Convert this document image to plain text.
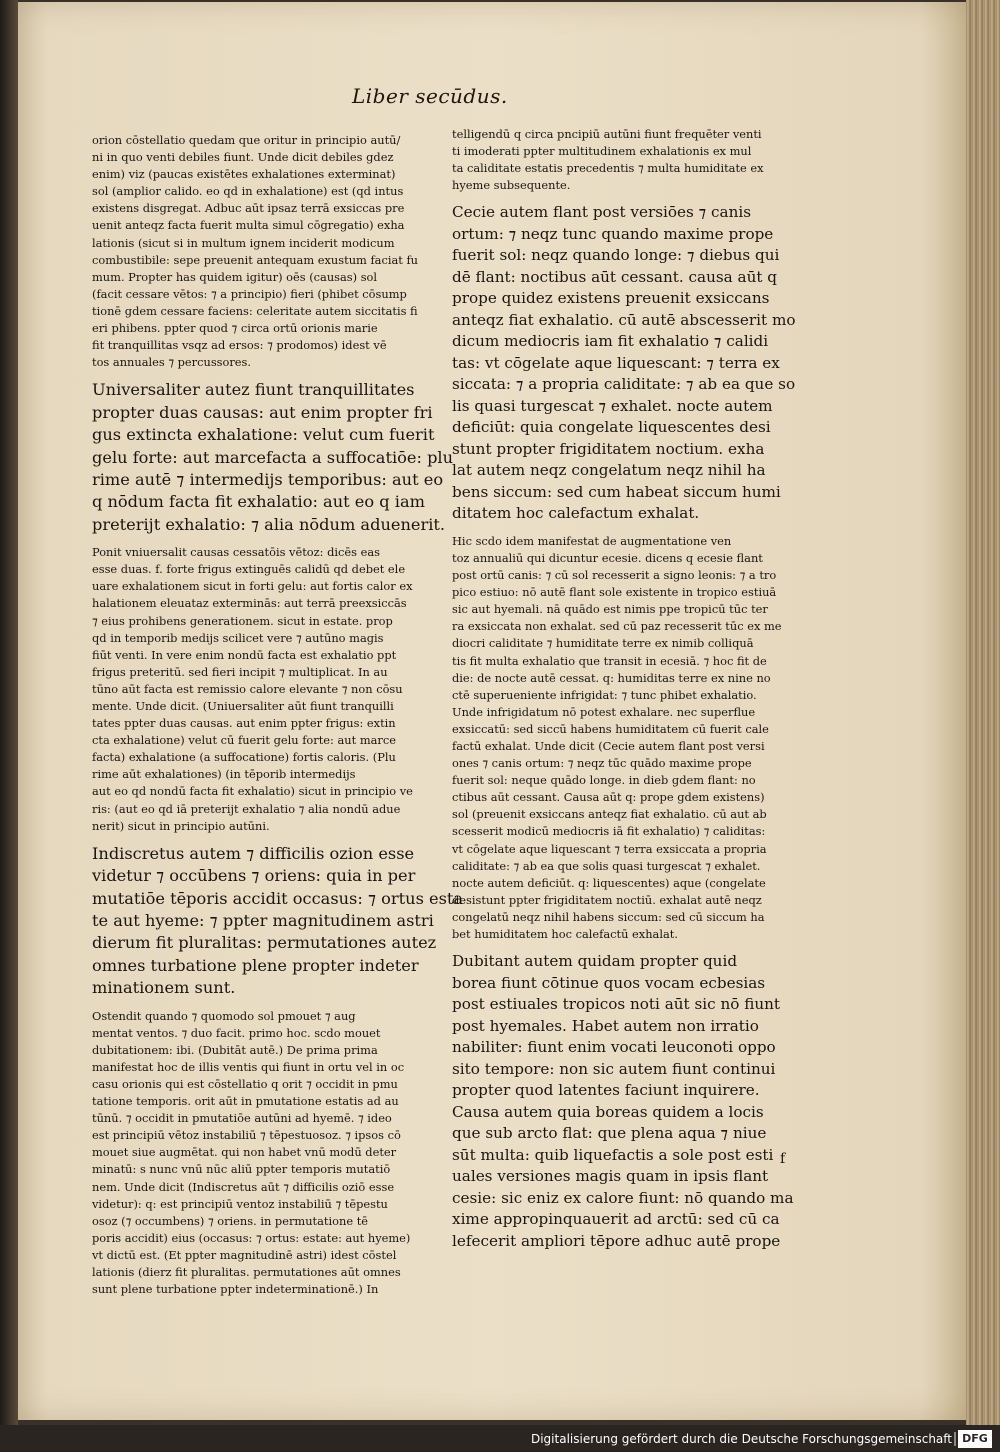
Liber secūdus.
orion cōstellatio quedam que oritur in principio autū/
ni in quo venti debiles fiunt. Unde dicit debiles gdez
enim) viz (paucas existētes exhalationes exterminat)
sol (amplior calido. eo qd in exhalatione) est (qd intus
existens disgregat. Adbuc aūt ipsaz terrā exsiccas pre
uenit anteqz facta fuerit multa simul cōgregatio) exha
lationis (sicut si in multum ignem inciderit modicum
combustibile: sepe preuenit antequam exustum faciat fu
mum. Propter has quidem igitur) oēs (causas) sol
(facit cessare vētos: ⁊ a principio) fieri (phibet cōsump
tionē gdem cessare faciens: celeritate autem siccitatis fi
eri phibens. ppter quod ⁊ circa ortū orionis marie
fit tranquillitas vsqz ad ersos: ⁊ prodomos) idest vē
tos annuales ⁊ percussores.
Universaliter autez fiunt tranquillitates
propter duas causas: aut enim propter fri
gus extincta exhalatione: velut cum fuerit
gelu forte: aut marcefacta a suffocatiōe: plu
rime autē ⁊ intermedijs temporibus: aut eo
q nōdum facta fit exhalatio: aut eo q iam
preterijt exhalatio: ⁊ alia nōdum aduenerit.
Ponit vniuersalit causas cessatōis vētoz: dicēs eas
esse duas. f. forte frigus extinguēs calidū qd debet ele
uare exhalationem sicut in forti gelu: aut fortis calor ex
halationem eleuataz exterminās: aut terrā preexsiccās
⁊ eius prohibens generationem. sicut in estate. prop
qd in temporib medijs scilicet vere ⁊ autūno magis
fiūt venti. In vere enim nondū facta est exhalatio ppt
frigus preteritū. sed fieri incipit ⁊ multiplicat. In au
tūno aūt facta est remissio calore elevante ⁊ non cōsu
mente. Unde dicit. (Uniuersaliter aūt fiunt tranquilli
tates ppter duas causas. aut enim ppter frigus: extin
cta exhalatione) velut cū fuerit gelu forte: aut marce
facta) exhalatione (a suffocatione) fortis caloris. (Plu
rime aūt exhalationes) (in tēporib intermedijs
aut eo qd nondū facta fit exhalatio) sicut in principio ve
ris: (aut eo qd iā preterijt exhalatio ⁊ alia nondū adue
nerit) sicut in principio autūni.
Indiscretus autem ⁊ difficilis ozion esse
videtur ⁊ occūbens ⁊ oriens: quia in per
mutatiōe tēporis accidit occasus: ⁊ ortus esta
te aut hyeme: ⁊ ppter magnitudinem astri
dierum fit pluralitas: permutationes autez
omnes turbatione plene propter indeter
minationem sunt.
Ostendit quando ⁊ quomodo sol pmouet ⁊ aug
mentat ventos. ⁊ duo facit. primo hoc. scdo mouet
dubitationem: ibi. (Dubitāt autē.) De prima prima
manifestat hoc de illis ventis qui fiunt in ortu vel in oc
casu orionis qui est cōstellatio q orit ⁊ occidit in pmu
tatione temporis. orit aūt in pmutatione estatis ad au
tūnū. ⁊ occidit in pmutatiōe autūni ad hyemē. ⁊ ideo
est principiū vētoz instabiliū ⁊ tēpestuosoz. ⁊ ipsos cō
mouet siue augmētat. qui non habet vnū modū deter
minatū: s nunc vnū nūc aliū ppter temporis mutatiō
nem. Unde dicit (Indiscretus aūt ⁊ difficilis oziō esse
videtur): q: est principiū ventoz instabiliū ⁊ tēpestu
osoz (⁊ occumbens) ⁊ oriens. in permutatione tē
poris accidit) eius (occasus: ⁊ ortus: estate: aut hyeme)
vt dictū est. (Et ppter magnitudinē astri) idest cōstel
lationis (dierz fit pluralitas. permutationes aūt omnes
sunt plene turbatione ppter indeterminationē.) In
telligendū q circa pncipiū autūni fiunt frequēter venti
ti imoderati ppter multitudinem exhalationis ex mul
ta caliditate estatis precedentis ⁊ multa humiditate ex
hyeme subsequente.
Cecie autem flant post versiōes ⁊ canis
ortum: ⁊ neqz tunc quando maxime prope
fuerit sol: neqz quando longe: ⁊ diebus qui
dē flant: noctibus aūt cessant. causa aūt q
prope quidez existens preuenit exsiccans
anteqz fiat exhalatio. cū autē abscesserit mo
dicum mediocris iam fit exhalatio ⁊ calidi
tas: vt cōgelate aque liquescant: ⁊ terra ex
siccata: ⁊ a propria caliditate: ⁊ ab ea que so
lis quasi turgescat ⁊ exhalet. nocte autem
deficiūt: quia congelate liquescentes desi
stunt propter frigiditatem noctium. exha
lat autem neqz congelatum neqz nihil ha
bens siccum: sed cum habeat siccum humi
ditatem hoc calefactum exhalat.
Hic scdo idem manifestat de augmentatione ven
toz annualiū qui dicuntur ecesie. dicens q ecesie flant
post ortū canis: ⁊ cū sol recesserit a signo leonis: ⁊ a tro
pico estiuo: nō autē flant sole existente in tropico estiuā
sic aut hyemali. nā quādo est nimis ppe tropicū tūc ter
ra exsiccata non exhalat. sed cū paz recesserit tūc ex me
diocri caliditate ⁊ humiditate terre ex nimib colliquā
tis fit multa exhalatio que transit in ecesiā. ⁊ hoc fit de
die: de nocte autē cessat. q: humiditas terre ex nine no
ctē superueniente infrigidat: ⁊ tunc phibet exhalatio.
Unde infrigidatum nō potest exhalare. nec superflue
exsiccatū: sed siccū habens humiditatem cū fuerit cale
factū exhalat. Unde dicit (Cecie autem flant post versi
ones ⁊ canis ortum: ⁊ neqz tūc quādo maxime prope
fuerit sol: neque quādo longe. in dieb gdem flant: no
ctibus aūt cessant. Causa aūt q: prope gdem existens)
sol (preuenit exsiccans anteqz fiat exhalatio. cū aut ab
scesserit modicū mediocris iā fit exhalatio) ⁊ caliditas:
vt cōgelate aque liquescant ⁊ terra exsiccata a propria
caliditate: ⁊ ab ea que solis quasi turgescat ⁊ exhalet.
nocte autem deficiūt. q: liquescentes) aque (congelate
desistunt ppter frigiditatem noctiū. exhalat autē neqz
congelatū neqz nihil habens siccum: sed cū siccum ha
bet humiditatem hoc calefactū exhalat.
Dubitant autem quidam propter quid
borea fiunt cōtinue quos vocam ecbesias
post estiuales tropicos noti aūt sic nō fiunt
post hyemales. Habet autem non irratio
nabiliter: fiunt enim vocati leuconoti oppo
sito tempore: non sic autem fiunt continui
propter quod latentes faciunt inquirere.
Causa autem quia boreas quidem a locis
que sub arcto flat: que plena aqua ⁊ niue
sūt multa: quib liquefactis a sole post esti
uales versiones magis quam in ipsis flant
cesie: sic eniz ex calore fiunt: nō quando ma
xime appropinquauerit ad arctū: sed cū ca
lefecerit ampliori tēpore adhuc autē prope
f
Digitalisierung gefördert durch die Deutsche Forschungsgemeinschaft DFG
